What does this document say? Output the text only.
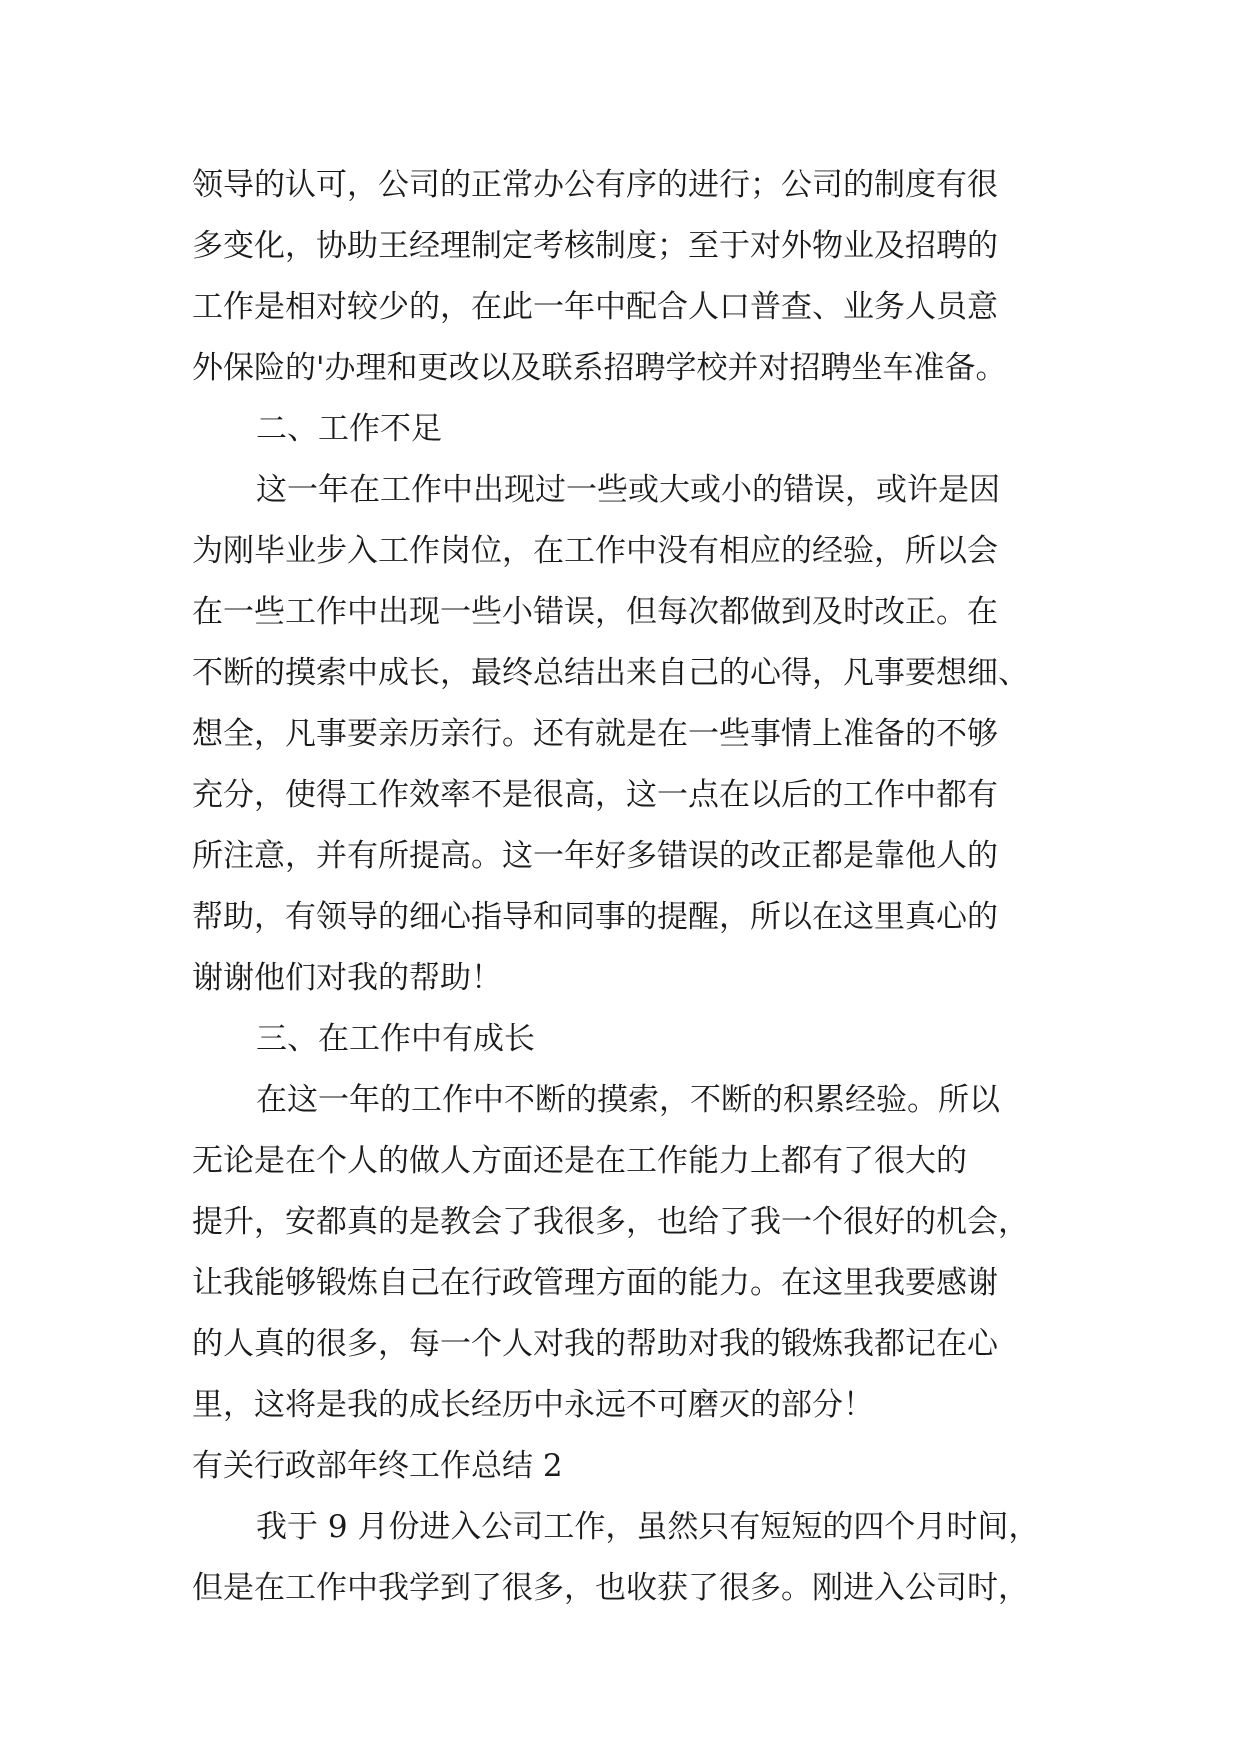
领导的认可，公司的正常办公有序的进行；公司的制度有很
多变化，协助王经理制定考核制度；至于对外物业及招聘的
工作是相对较少的，在此一年中配合人口普查、业务人员意
外保险的'办理和更改以及联系招聘学校并对招聘坐车准备。
二、工作不足
这一年在工作中出现过一些或大或小的错误，或许是因
为刚毕业步入工作岗位，在工作中没有相应的经验，所以会
在一些工作中出现一些小错误，但每次都做到及时改正。在
不断的摸索中成长，最终总结出来自己的心得，凡事要想细、
想全，凡事要亲历亲行。还有就是在一些事情上准备的不够
充分，使得工作效率不是很高，这一点在以后的工作中都有
所注意，并有所提高。这一年好多错误的改正都是靠他人的
帮助，有领导的细心指导和同事的提醒，所以在这里真心的
谢谢他们对我的帮助！
三、在工作中有成长
在这一年的工作中不断的摸索，不断的积累经验。所以
无论是在个人的做人方面还是在工作能力上都有了很大的
提升，安都真的是教会了我很多，也给了我一个很好的机会，
让我能够锻炼自己在行政管理方面的能力。在这里我要感谢
的人真的很多，每一个人对我的帮助对我的锻炼我都记在心
里，这将是我的成长经历中永远不可磨灭的部分！
有关行政部年终工作总结 2
我于 9 月份进入公司工作，虽然只有短短的四个月时间，
但是在工作中我学到了很多，也收获了很多。刚进入公司时，
